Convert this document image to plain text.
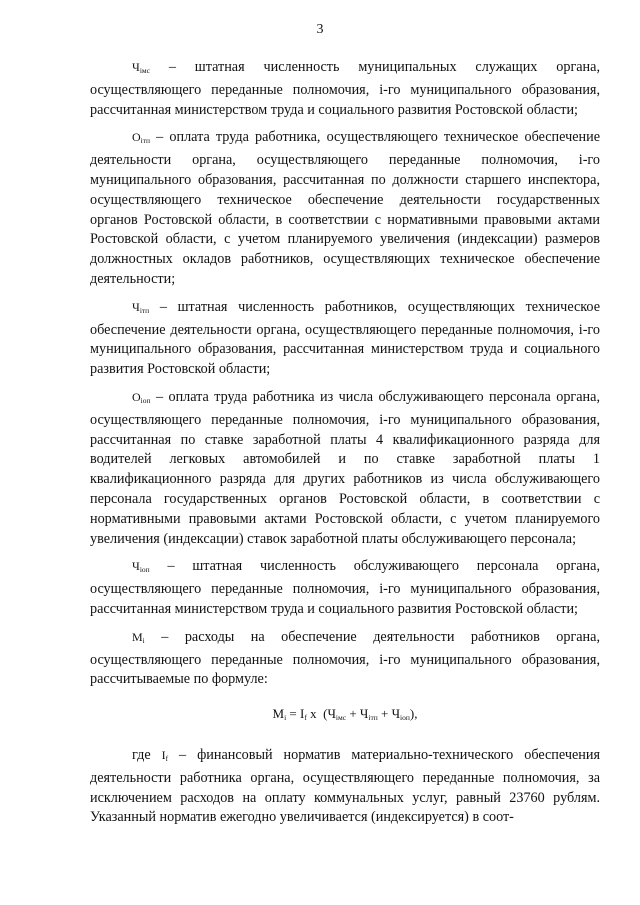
3

$Ч_{iмс}$ – штатная численность муниципальных служащих органа, осуществляющего переданные полномочия, i-го муниципального образования, рассчитанная министерством труда и социального развития Ростовской области;

$О_{iтп}$ – оплата труда работника, осуществляющего техническое обеспечение деятельности органа, осуществляющего переданные полномочия, i-го муниципального образования, рассчитанная по должности старшего инспектора, осуществляющего техническое обеспечение деятельности государственных органов Ростовской области, в соответствии с нормативными правовыми актами Ростовской области, с учетом планируемого увеличения (индексации) размеров должностных окладов работников, осуществляющих техническое обеспечение деятельности;

$Ч_{iтп}$ – штатная численность работников, осуществляющих техническое обеспечение деятельности органа, осуществляющего переданные полномочия, i-го муниципального образования, рассчитанная министерством труда и социального развития Ростовской области;

$О_{iоп}$ – оплата труда работника из числа обслуживающего персонала органа, осуществляющего переданные полномочия, i-го муниципального образования, рассчитанная по ставке заработной платы 4 квалификационного разряда для водителей легковых автомобилей и по ставке заработной платы 1 квалификационного разряда для других работников из числа обслуживающего персонала государственных органов Ростовской области, в соответствии с нормативными правовыми актами Ростовской области, с учетом планируемого увеличения (индексации) ставок заработной платы обслуживающего персонала;

$Ч_{iоп}$ – штатная численность обслуживающего персонала органа, осуществляющего переданные полномочия, i-го муниципального образования, рассчитанная министерством труда и социального развития Ростовской области;

$М_i$ – расходы на обеспечение деятельности работников органа, осуществляющего переданные полномочия, i-го муниципального образования, рассчитываемые по формуле:

$М_i = I_f$ х  $(Ч_{iмс} + Ч_{iтп} + Ч_{iоп})$,

где $I_f$ – финансовый норматив материально-технического обеспечения деятельности работника органа, осуществляющего переданные полномочия, за исключением расходов на оплату коммунальных услуг, равный 23760 рублям. Указанный норматив ежегодно увеличивается (индексируется) в соот-
